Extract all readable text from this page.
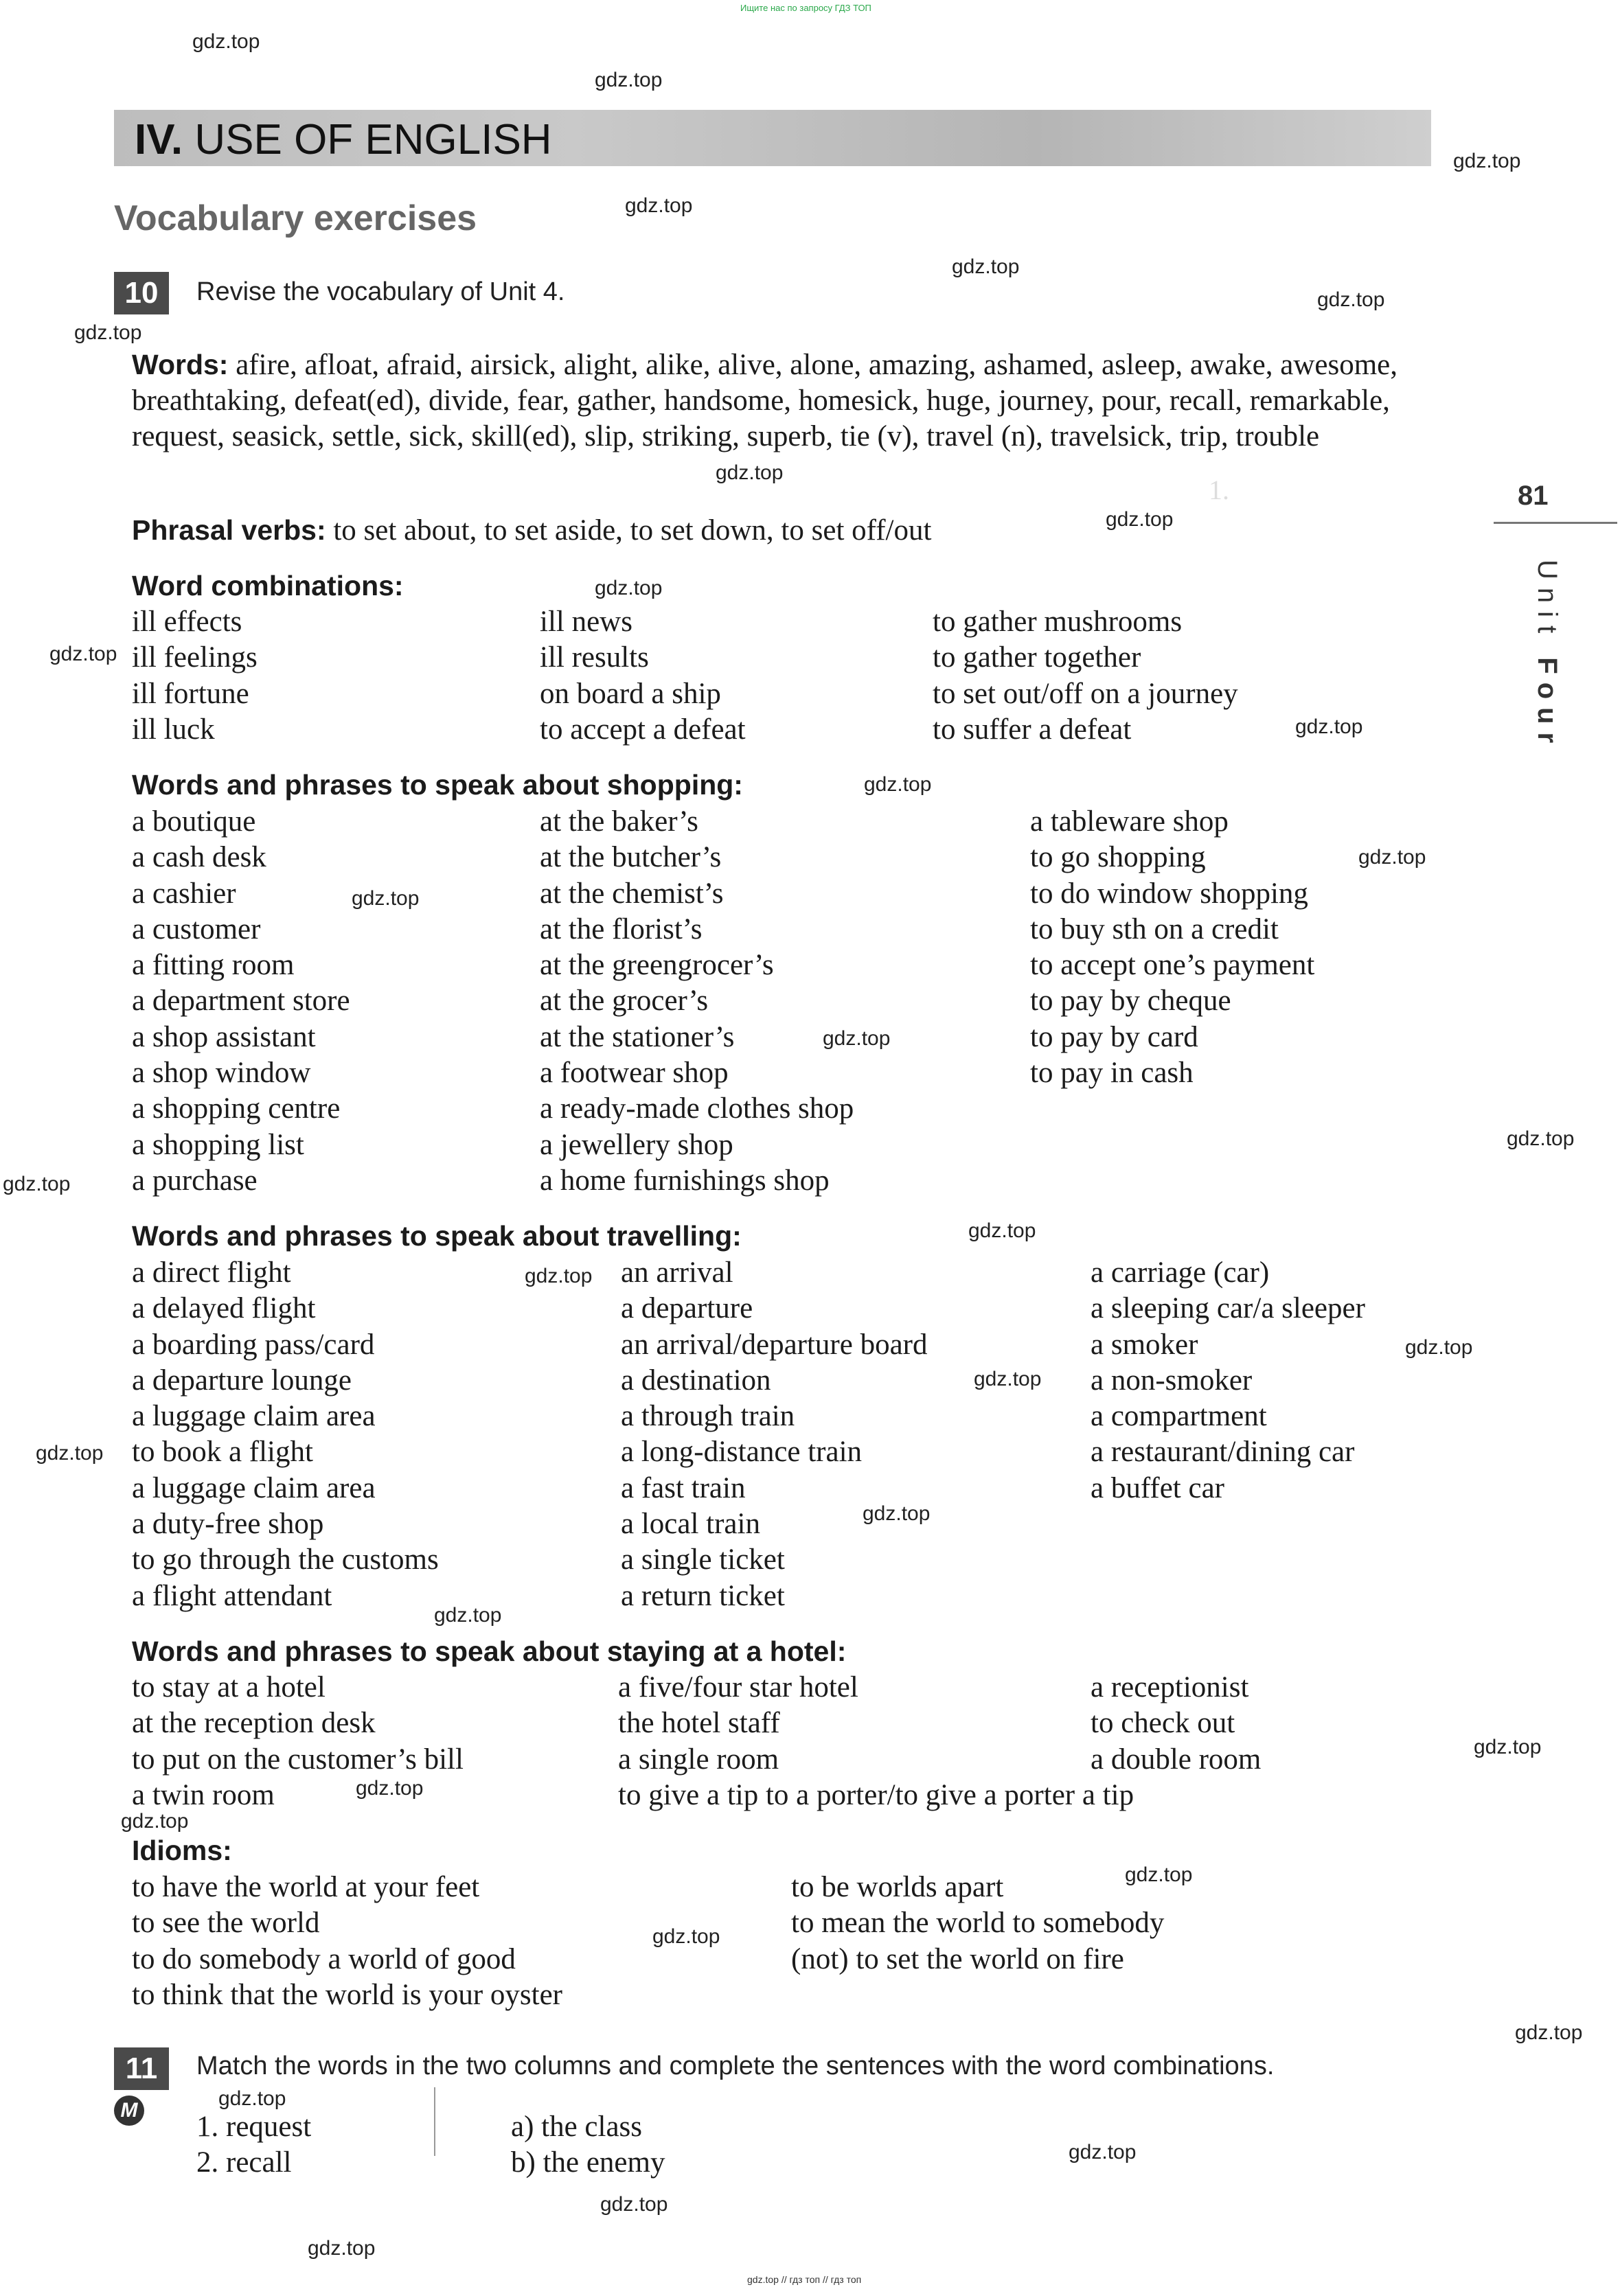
Ищите нас по запросу ГДЗ ТОП
1.
IV. USE OF ENGLISH
Vocabulary exercises
10	Revise the vocabulary of Unit 4.
Words: afire, afloat, afraid, airsick, alight, alike, alive, alone, amazing, ashamed, asleep, awake, awesome, breathtaking, defeat(ed), divide, fear, gather, handsome, homesick, huge, journey, pour, recall, remarkable, request, seasick, settle, sick, skill(ed), slip, striking, superb, tie (v), travel (n), travelsick, trip, trouble
Phrasal verbs: to set about, to set aside, to set down, to set off/out
Word combinations:
ill effects
ill feelings
ill fortune
ill luck
ill news
ill results
on board a ship
to accept a defeat
to gather mushrooms
to gather together
to set out/off on a journey
to suffer a defeat
Words and phrases to speak about shopping:
a boutique
a cash desk
a cashier
a customer
a fitting room
a department store
a shop assistant
a shop window
a shopping centre
a shopping list
a purchase
at the baker’s
at the butcher’s
at the chemist’s
at the florist’s
at the greengrocer’s
at the grocer’s
at the stationer’s
a footwear shop
a ready-made clothes shop
a jewellery shop
a home furnishings shop
a tableware shop
to go shopping
to do window shopping
to buy sth on a credit
to accept one’s payment
to pay by cheque
to pay by card
to pay in cash
Words and phrases to speak about travelling:
a direct flight
a delayed flight
a boarding pass/card
a departure lounge
a luggage claim area
to book a flight
a luggage claim area
a duty-free shop
to go through the customs
a flight attendant
an arrival
a departure
an arrival/departure board
a destination
a through train
a long-distance train
a fast train
a local train
a single ticket
a return ticket
a carriage (car)
a sleeping car/a sleeper
a smoker
a non-smoker
a compartment
a restaurant/dining car
a buffet car
Words and phrases to speak about staying at a hotel:
to stay at a hotel
at the reception desk
to put on the customer’s bill
a twin room
a five/four star hotel
the hotel staff
a single room
to give a tip to a porter/to give a porter a tip
a receptionist
to check out
a double room
Idioms:
to have the world at your feet
to see the world
to do somebody a world of good
to think that the world is your oyster
to be worlds apart
to mean the world to somebody
(not) to set the world on fire
11	Match the words in the two columns and complete the sentences with the word combinations.
M
1. request
2. recall
a) the class
b) the enemy
81
Unit Four
gdz.top
gdz.top
gdz.top
gdz.top
gdz.top
gdz.top
gdz.top
gdz.top
gdz.top
gdz.top
gdz.top
gdz.top
gdz.top
gdz.top
gdz.top
gdz.top
gdz.top
gdz.top
gdz.top
gdz.top
gdz.top
gdz.top
gdz.top
gdz.top
gdz.top
gdz.top
gdz.top
gdz.top
gdz.top
gdz.top
gdz.top
gdz.top
gdz.top
gdz.top
gdz.top
gdz.top // гдз топ // гдз топ
